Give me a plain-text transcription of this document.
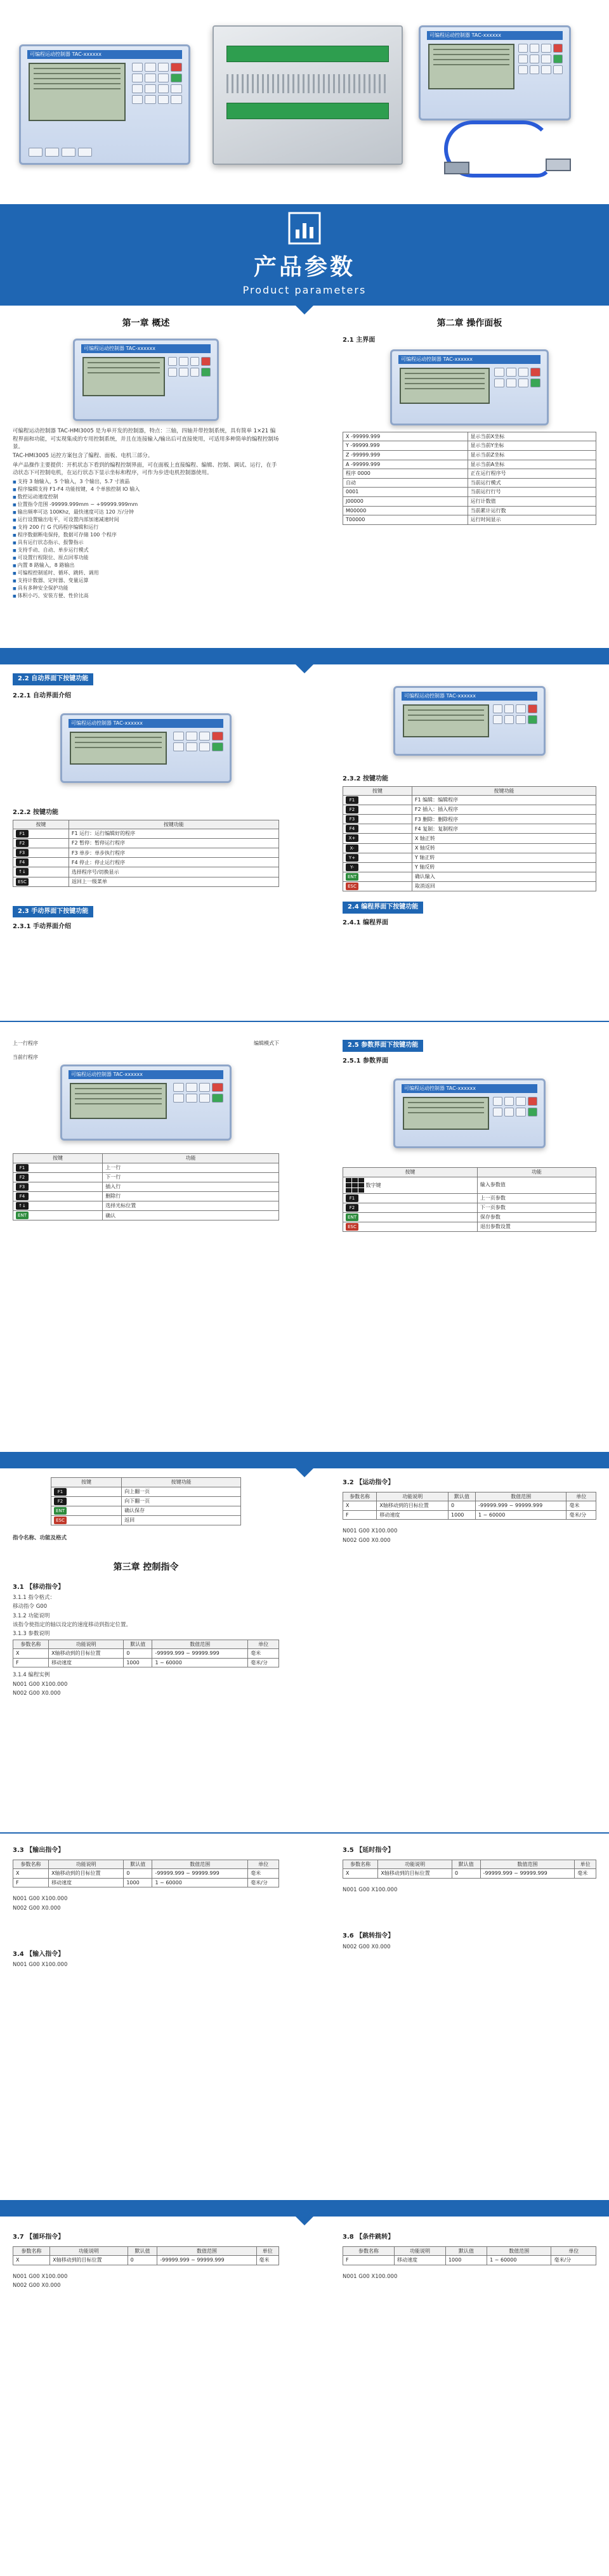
可编程运动控制器 TAC-xxxxxx
可编程运动控制器 TAC-xxxxxx
产品参数
Product parameters
第一章 概述
可编程运动控制器 TAC-xxxxxx

可编程运动控制器 TAC-HMI3005 是为单开发的控制器，特点：三轴，四轴并带控制系统，具有简单 1×21 编程界面和功能，可实现集成的专用控制系统，并且在连接输入/输出后可直接使用，可适用多种简单的编程控制场景。

TAC-HMI3005 运控方案包含了编程、面板、电机三部分。

单产品操作主要提供：开机状态下看到的编程控制界面，可在面板上直接编程、编辑、控制、调试、运行，在手动状态下可控制电机，在运行状态下显示坐标和程序，可作为步进电机控制器使用。

■ 支持 3 轴输入，5 个输入，3 个输出，5.7 寸液晶
■ 程序编辑支持 F1-F4 功能按键，4 个单独控制 IO 输入
■ 数控运动速度控制
■ 位置指令范围 -99999.999mm ~ +99999.999mm
■ 输出频率可达 100Khz，最快速度可达 120 万/分钟
■ 运行设置输出电平，可设置内部加速减速时间
■ 支持 200 行 G 代码程序编辑和运行
■ 程序数据断电保持，数据可存储 100 个程序
■ 具有运行状态指示、报警指示
■ 支持手动、自动、单步运行模式
■ 可设置行程限位、原点回零功能
■ 内置 8 路输入，8 路输出
■ 可编程控制延时、循环、跳转、调用
■ 支持计数器、定时器、变量运算
■ 具有多种安全保护功能
■ 体积小巧、安装方便、性价比高
第二章 操作面板
2.1 主界面
可编程运动控制器 TAC-xxxxxx
X -99999.999	显示当前X坐标
Y -99999.999	显示当前Y坐标
Z -99999.999	显示当前Z坐标
A -99999.999	显示当前A坐标
程序 0000	正在运行程序号
自动	当前运行模式
0001	当前运行行号
J00000	运行计数值
M00000	当前累计运行数
T00000	运行时间显示
2.2 自动界面下按键功能
2.2.1 自动界面介绍
可编程运动控制器 TAC-xxxxxx
2.2.2 按键功能
按键	按键功能
F1	F1 运行：运行编辑好的程序
F2	F2 暂停：暂停运行程序
F3	F3 单步：单步执行程序
F4	F4 停止：停止运行程序
↑↓	选择程序号/切换显示
ESC	返回上一级菜单
2.3 手动界面下按键功能
2.3.1 手动界面介绍
可编程运动控制器 TAC-xxxxxx
2.3.2 按键功能
按键	按键功能
F1	F1 编辑：编辑程序
F2	F2 插入：插入程序
F3	F3 删除：删除程序
F4	F4 复制：复制程序
X+	X 轴正转
X-	X 轴反转
Y+	Y 轴正转
Y-	Y 轴反转
ENT	确认输入
ESC	取消返回
2.4 编程界面下按键功能
2.4.1 编程界面
上一行程序	编辑模式下
当前行程序
可编程运动控制器 TAC-xxxxxx
按键	功能
F1	上一行
F2	下一行
F3	插入行
F4	删除行
↑↓	选择光标位置
ENT	确认
2.5 参数界面下按键功能
2.5.1 参数界面
可编程运动控制器 TAC-xxxxxx
按键	功能

数字键	输入参数值
F1	上一页参数
F2	下一页参数
ENT	保存参数
ESC	退出参数设置
按键	按键功能
F1	向上翻一页
F2	向下翻一页
ENT	确认保存
ESC	返回

指令名称、功能及格式

第三章 控制指令
3.1 【移动指令】

3.1.1 指令格式：

移动指令 G00

3.1.2 功能说明

该指令使指定的轴以设定的速度移动到指定位置。

3.1.3 参数说明

参数名称	功能说明	默认值	数值范围	单位
X	X轴移动到的目标位置	0	-99999.999 ~ 99999.999	毫米
F	移动速度	1000	1 ~ 60000	毫米/分

3.1.4 编程实例

N001 G00 X100.000

N002 G00 X0.000

3.2 【运动指令】
参数名称	功能说明	默认值	数值范围	单位
X	X轴移动到的目标位置	0	-99999.999 ~ 99999.999	毫米
F	移动速度	1000	1 ~ 60000	毫米/分

N001 G00 X100.000

N002 G00 X0.000

3.3 【输出指令】
参数名称	功能说明	默认值	数值范围	单位
X	X轴移动到的目标位置	0	-99999.999 ~ 99999.999	毫米
F	移动速度	1000	1 ~ 60000	毫米/分

N001 G00 X100.000

N002 G00 X0.000

3.4 【输入指令】

N001 G00 X100.000

3.5 【延时指令】
参数名称	功能说明	默认值	数值范围	单位
X	X轴移动到的目标位置	0	-99999.999 ~ 99999.999	毫米

N001 G00 X100.000

3.6 【跳转指令】

N002 G00 X0.000

3.7 【循环指令】
参数名称	功能说明	默认值	数值范围	单位
X	X轴移动到的目标位置	0	-99999.999 ~ 99999.999	毫米

N001 G00 X100.000

N002 G00 X0.000

3.8 【条件跳转】
参数名称	功能说明	默认值	数值范围	单位
F	移动速度	1000	1 ~ 60000	毫米/分

N001 G00 X100.000
